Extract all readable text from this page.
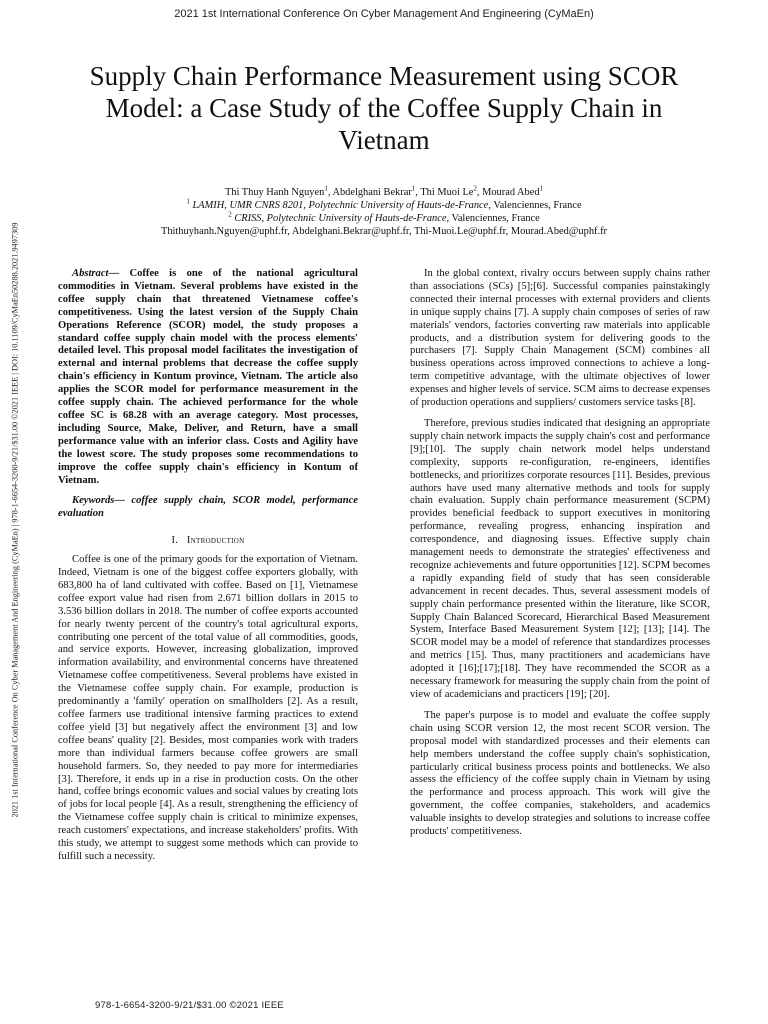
2021 1st International Conference On Cyber Management And Engineering (CyMaEn)
2021 1st International Conference On Cyber Management And Engineering (CyMaEn) | 978-1-6654-3200-9/21/$31.00 ©2021 IEEE | DOI: 10.1109/CyMaEn50288.2021.9497309
Supply Chain Performance Measurement using SCOR Model: a Case Study of the Coffee Supply Chain in Vietnam
Thi Thuy Hanh Nguyen$^1$, Abdelghani Bekrar$^1$, Thi Muoi Le$^2$, Mourad Abed$^1$
$^1$ LAMIH, UMR CNRS 8201, Polytechnic University of Hauts-de-France, Valenciennes, France
$^2$ CRISS, Polytechnic University of Hauts-de-France, Valenciennes, France
Thithuyhanh.Nguyen@uphf.fr, Abdelghani.Bekrar@uphf.fr, Thi-Muoi.Le@uphf.fr, Mourad.Abed@uphf.fr

Abstract— Coffee is one of the national agricultural commodities in Vietnam. Several problems have existed in the coffee supply chain that threatened Vietnamese coffee's competitiveness. Using the latest version of the Supply Chain Operations Reference (SCOR) model, the study proposes a standard coffee supply chain model with the process elements' detailed level. This proposal model facilitates the investigation of external and internal problems that decrease the coffee supply chain's efficiency in Kontum province, Vietnam. The article also applies the SCOR model for performance measurement in the coffee supply chain. The achieved performance for the whole coffee SC is 68.28 with an average category. Most processes, including Source, Make, Deliver, and Return, have a small performance value with an inferior class. Costs and Agility have the lowest score. The study proposes some recommendations to improve the coffee supply chain's efficiency in Kontum of Vietnam.

Keywords— coffee supply chain, SCOR model, performance evaluation

I. Introduction

Coffee is one of the primary goods for the exportation of Vietnam. Indeed, Vietnam is one of the biggest coffee exporters globally, with 683,800 ha of land cultivated with coffee. Based on [1], Vietnamese coffee export value had risen from 2.671 billion dollars in 2015 to 3.536 billion dollars in 2018. The number of coffee exports accounted for nearly twenty percent of the country's total agricultural exports, contributing one percent of the total value of all commodities, goods, and service exports. However, increasing globalization, improved information availability, and environmental concerns have threatened Vietnamese coffee competitiveness. Several problems have existed in the Vietnamese coffee supply chain. For example, production is predominantly a 'family' operation on smallholders [2]. As a result, coffee farmers use traditional intensive farming practices to extend coffee yield [3] but negatively affect the environment [3] and low coffee beans' quality [2]. Besides, most companies work with traders more than individual farmers because coffee growers are small household farmers. So, they needed to pay more for intermediaries [3]. Therefore, it ends up in a rise in production costs. On the other hand, coffee brings economic values and social values by creating lots of jobs for local people [4]. As a result, strengthening the efficiency of the Vietnamese coffee supply chain is critical to minimize expenses, reach customers' expectations, and increase stakeholders' profits. With this study, we attempt to suggest some methods which can provide to fulfill such a necessity.

In the global context, rivalry occurs between supply chains rather than associations (SCs) [5];[6]. Successful companies painstakingly connected their internal processes with external providers and clients in unique supply chains [7]. A supply chain composes of series of raw materials' vendors, factories converting raw materials into applicable products, and a distribution system for delivering goods to the purchasers [7]. Supply Chain Management (SCM) combines all business operations across improved connections to achieve a long-term competitive advantage, with the ultimate objectives of lower expenses and higher levels of service. SCM aims to decrease expenses of production operations and suppliers/ customers service tasks [8].

Therefore, previous studies indicated that designing an appropriate supply chain network impacts the supply chain's cost and performance [9];[10]. The supply chain network model helps understand complexity, supports re-configuration, re-engineers, identifies bottlenecks, and prioritizes corporate resources [11]. Besides, previous authors have used many alternative methods and tools for supply chain evaluation. Supply chain performance measurement (SCPM) provides beneficial feedback to support executives in monitoring performance, revealing progress, enhancing inspiration and correspondence, and diagnosing issues. Effective supply chain management needs to demonstrate the strategies' effectiveness and recognize achievements and future opportunities [12]. SCPM becomes a rapidly expanding field of study that has seen considerable advancement in recent decades. Thus, several assessment models of supply chain performance presented within the literature, like SCOR, Supply Chain Balanced Scorecard, Hierarchical Based Measurement System, Interface Based Measurement System [12]; [13]; [14]. The SCOR model may be a model of reference that standardizes processes and metrics [15]. Thus, many practitioners and academicians have adopted it [16];[17];[18]. They have recommended the SCOR as a necessary framework for measuring the supply chain from the point of view of academicians and practicers [19]; [20].

The paper's purpose is to model and evaluate the coffee supply chain using SCOR version 12, the most recent SCOR version. The proposal model with standardized processes and their elements can help members understand the coffee supply chain's sophistication, particularly critical business process points and bottlenecks. We also assess the efficiency of the coffee supply chain in Vietnam by using the performance and process approach. This work will give the government, the coffee companies, stakeholders, and academics valuable insights to develop strategies and solutions to increase coffee products' competitiveness.

978-1-6654-3200-9/21/$31.00 ©2021 IEEE
